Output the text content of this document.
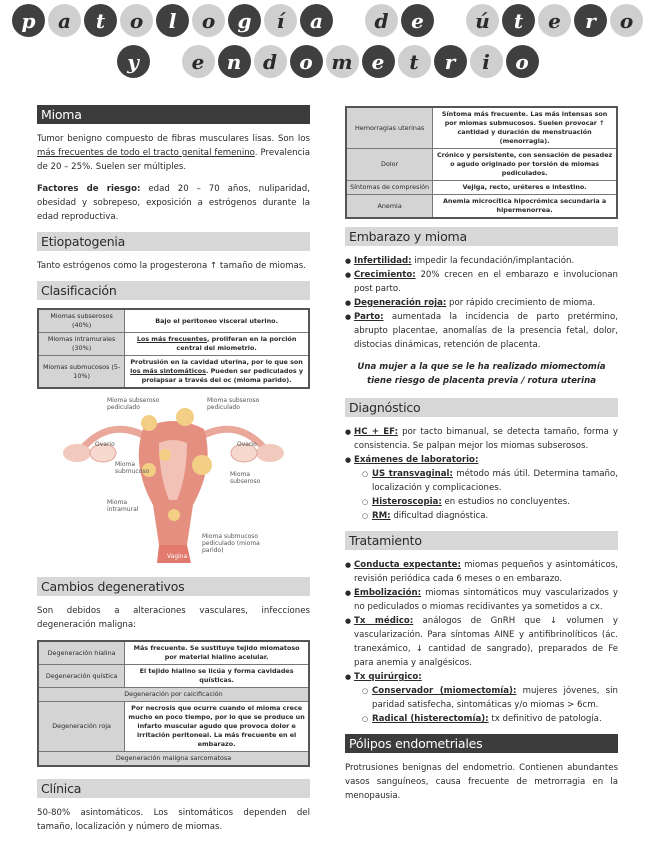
p	a	t	o	l	o	g	í	a	d	e	ú	t	e	r	o
y	e	n	d	o m e	t	r	i	o
Mioma

Tumor benigno compuesto de fibras musculares lisas. Son los más frecuentes de todo el tracto genital femenino. Prevalencia de 20 – 25%. Suelen ser múltiples.

Factores de riesgo: edad 20 – 70 años, nuliparidad, obesidad y sobrepeso, exposición a estrógenos durante la edad reproductiva.

Etiopatogenia

Tanto estrógenos como la progesterona ↑ tamaño de miomas.

Clasificación
Miomas subserosos (40%)	Bajo el peritoneo visceral uterino.
Miomas intramurales (30%)	Los más frecuentes, proliferan en la porción central del miometrio.
Miomas submucosos (5-10%)	Protrusión en la cavidad uterina, por lo que son los más sintomáticos. Pueden ser pediculados y prolapsar a través del oc (mioma parido).
Mioma subseroso pediculado
Mioma subseroso pediculado
Ovario	Ovario
Mioma submucoso	Mioma subseroso
Mioma intramural
Vagina
Mioma submucoso pediculado (mioma parido)
Cambios degenerativos

Son debidos a alteraciones vasculares, infecciones degeneración maligna:

Degeneración hialina	Más frecuente. Se sustituye tejido miomatoso por material hialino acelular.
Degeneración quística	El tejido hialino se licúa y forma cavidades quísticas.
Degeneración por calcificación	
Degeneración roja	Por necrosis que ocurre cuando el mioma crece mucho en poco tiempo, por lo que se produce un infarto muscular agudo que provoca dolor e irritación peritoneal. La más frecuente en el embarazo.
Degeneración maligna sarcomatosa	
Clínica

50-80% asintomáticos. Los sintomáticos dependen del tamaño, localización y número de miomas.

Hemorragias uterinas	Síntoma más frecuente. Las más intensas son por miomas submucosos. Suelen provocar ↑ cantidad y duración de menstruación (menorragia).
Dolor	Crónico y persistente, con sensación de pesadez o agudo originado por torsión de miomas pediculados.
Síntomas de compresión	Vejiga, recto, uréteres e intestino.
Anemia	Anemia microcítica hipocrómica secundaria a hipermenorrea.
Embarazo y mioma
● Infertilidad: impedir la fecundación/implantación.
● Crecimiento: 20% crecen en el embarazo e involucionan post parto.
● Degeneración roja: por rápido crecimiento de mioma.
● Parto: aumentada la incidencia de parto pretérmino, abrupto placentae, anomalías de la presencia fetal, dolor, distocias dinámicas, retención de placenta.
Una mujer a la que se le ha realizado miomectomía tiene riesgo de placenta previa / rotura uterina
Diagnóstico
● HC + EF: por tacto bimanual, se detecta tamaño, forma y consistencia. Se palpan mejor los miomas subserosos.
● Exámenes de laboratorio:
○ US transvaginal: método más útil. Determina tamaño, localización y complicaciones.
○ Histeroscopia: en estudios no concluyentes.
○ RM: dificultad diagnóstica.
Tratamiento
● Conducta expectante: miomas pequeños y asintomáticos, revisión periódica cada 6 meses o en embarazo.
● Embolización: miomas sintomáticos muy vascularizados y no pediculados o miomas recidivantes ya sometidos a cx.
● Tx médico: análogos de GnRH que ↓ volumen y vascularización. Para síntomas AINE y antifibrinolíticos (ác. tranexámico, ↓ cantidad de sangrado), preparados de Fe para anemia y analgésicos.
● Tx quirúrgico:
○ Conservador (miomectomía): mujeres jóvenes, sin paridad satisfecha, sintomáticas y/o miomas > 6cm.
○ Radical (histerectomía): tx definitivo de patología.
Pólipos endometriales

Protrusiones benignas del endometrio. Contienen abundantes vasos sanguíneos, causa frecuente de metrorragia en la menopausia.
